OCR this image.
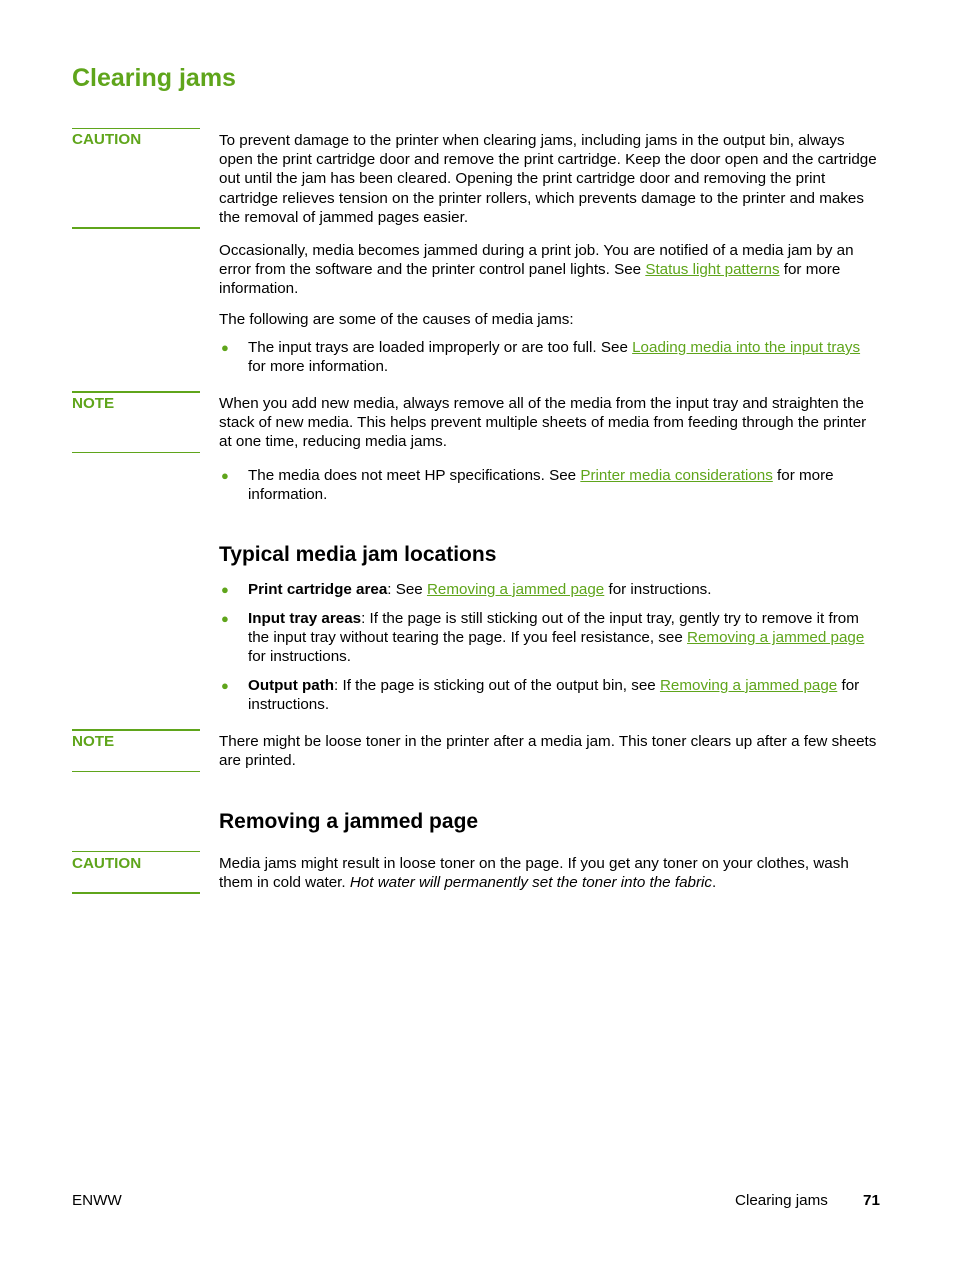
Clearing jams
CAUTION	To prevent damage to the printer when clearing jams, including jams in the output bin, always open the print cartridge door and remove the print cartridge. Keep the door open and the cartridge out until the jam has been cleared. Opening the print cartridge door and removing the print cartridge relieves tension on the printer rollers, which prevents damage to the printer and makes the removal of jammed pages easier.

Occasionally, media becomes jammed during a print job. You are notified of a media jam by an error from the software and the printer control panel lights. See Status light patterns for more information.

The following are some of the causes of media jams:

● The input trays are loaded improperly or are too full. See Loading media into the input trays for more information.
NOTE	When you add new media, always remove all of the media from the input tray and straighten the stack of new media. This helps prevent multiple sheets of media from feeding through the printer at one time, reducing media jams.

● The media does not meet HP specifications. See Printer media considerations for more information.
Typical media jam locations
● Print cartridge area: See Removing a jammed page for instructions.
● Input tray areas: If the page is still sticking out of the input tray, gently try to remove it from the input tray without tearing the page. If you feel resistance, see Removing a jammed page for instructions.
● Output path: If the page is sticking out of the output bin, see Removing a jammed page for instructions.
NOTE	There might be loose toner in the printer after a media jam. This toner clears up after a few sheets are printed.

Removing a jammed page
CAUTION	Media jams might result in loose toner on the page. If you get any toner on your clothes, wash them in cold water. Hot water will permanently set the toner into the fabric.

ENWW	Clearing jams 71
